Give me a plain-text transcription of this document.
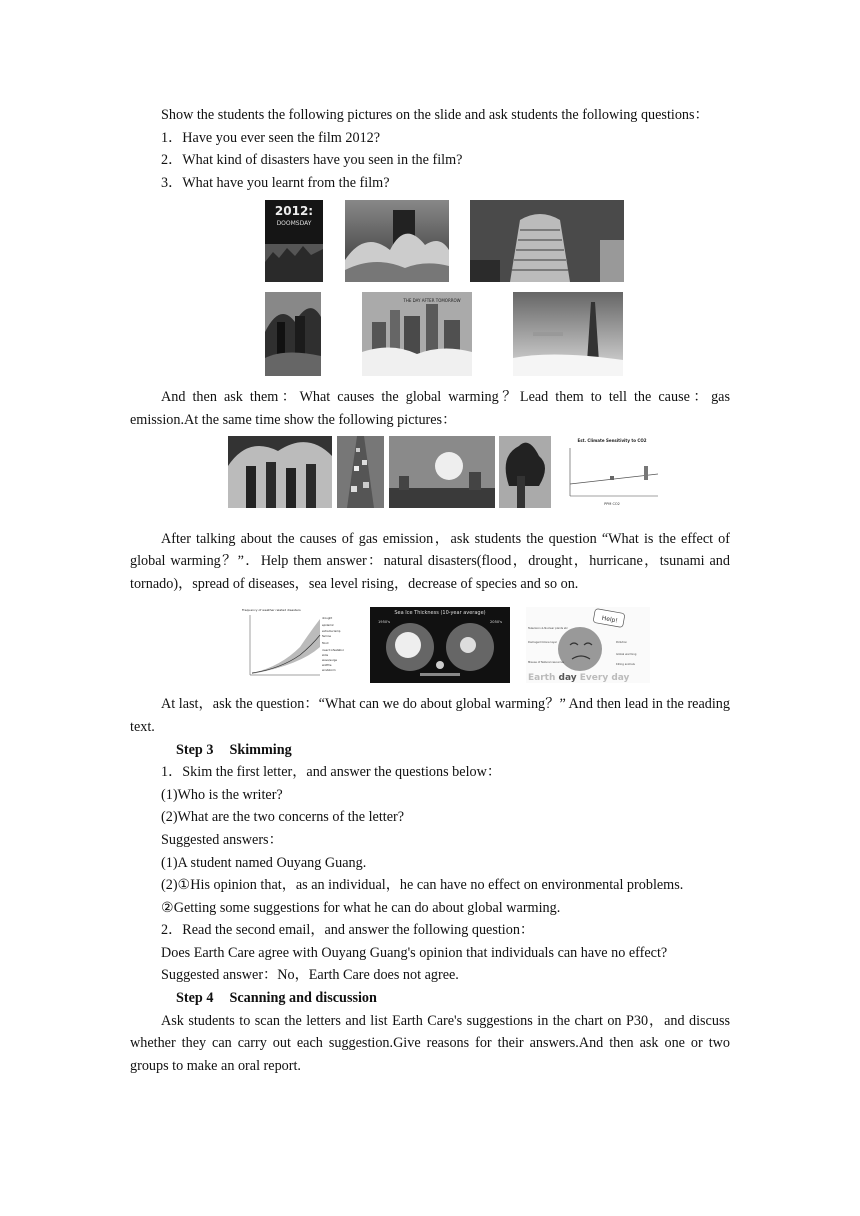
Show the students the following pictures on the slide and ask students the following questions：

1．Have you ever seen the film 2012?

2．What kind of disasters have you seen in the film?

3．What have you learnt from the film?

2012:
DOOMSDAY
THE DAY AFTER TOMORROW

And then ask them：What causes the global warming？Lead them to tell the cause：gas emission.At the same time show the following pictures：

Est. Climate Sensitivity to CO2
PPM CO2

After talking about the causes of gas emission，ask students the question “What is the effect of global warming？”．Help them answer：natural disasters(flood，drought，hurricane，tsunami and tornado)，spread of diseases，sea level rising，decrease of species and so on.

Frequency of weather related disasters
drought
epidemic
extreme temp
famine
flood
insect infestation
slide
wave/surge
wildfire
windstorm
Sea Ice Thickness (10-year average)
1950's	2050's	Help!
Television & Nuclear plants etc
Damaged Ozone layer	Pollution
Global warming
Misuse of Natural resources
Killing animals
Earth day Every day

At last，ask the question：“What can we do about global warming？” And then lead in the reading text.

Step 3 Skimming

1．Skim the first letter，and answer the questions below：

(1)Who is the writer?

(2)What are the two concerns of the letter?

Suggested answers：

(1)A student named Ouyang Guang.

(2)①His opinion that，as an individual，he can have no effect on environmental problems.

②Getting some suggestions for what he can do about global warming.

2．Read the second email，and answer the following question：

Does Earth Care agree with Ouyang Guang's opinion that individuals can have no effect?

Suggested answer：No，Earth Care does not agree.

Step 4 Scanning and discussion

Ask students to scan the letters and list Earth Care's suggestions in the chart on P30，and discuss whether they can carry out each suggestion.Give reasons for their answers.And then ask one or two groups to make an oral report.
